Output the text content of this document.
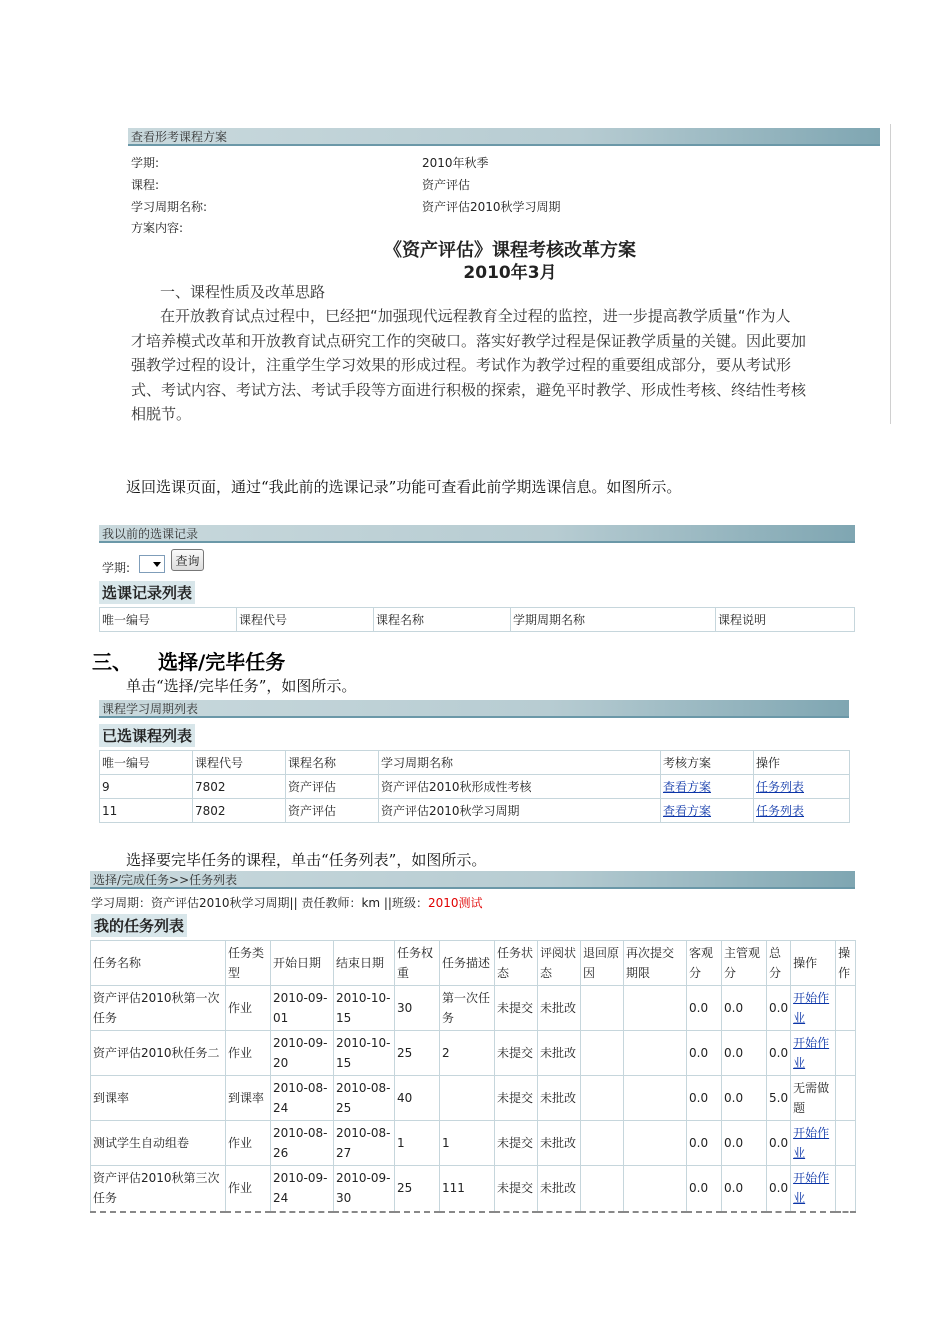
查看形考课程方案
学期:	2010年秋季
课程:	资产评估
学习周期名称:	资产评估2010秋学习周期
方案内容:
《资产评估》课程考核改革方案
2010年3月
一、课程性质及改革思路
在开放教育试点过程中，巳经把“加强现代远程教育全过程的监控，进一步提高教学质量“作为人
才培养模式改革和开放教育试点研究工作的突破口。落实好教学过程是保证教学质量的关键。因此要加
强教学过程的设计，注重学生学习效果的形成过程。考试作为教学过程的重要组成部分，要从考试形
式、考试内容、考试方法、考试手段等方面进行积极的探索，避免平时教学、形成性考核、终结性考核
相脱节。
返回选课页面，通过“我此前的选课记录”功能可查看此前学期选课信息。如图所示。
我以前的选课记录
学期:	查询
选课记录列表
唯一编号	课程代号	课程名称	学期周期名称	课程说明
三、 选择/完毕任务
单击“选择/完毕任务”，如图所示。
课程学习周期列表
已选课程列表
唯一编号	课程代号	课程名称	学习周期名称	考核方案	操作
9	7802	资产评估	资产评估2010秋形成性考核	查看方案	任务列表
11	7802	资产评估	资产评估2010秋学习周期	查看方案	任务列表
选择要完毕任务的课程，单击“任务列表”，如图所示。
选择/完成任务>>任务列表
学习周期：资产评估2010秋学习周期|| 责任教师：km ||班级：2010测试
我的任务列表
任务名称	任务类型	开始日期	结束日期	任务权重	任务描述	任务状态	评阅状态	退回原因	再次提交期限	客观分	主管观分	总分	操作	操作
资产评估2010秋第一次任务	作业	2010-09-01	2010-10-15	30	第一次任务	未提交	未批改			0.0	0.0	0.0	开始作业	
资产评估2010秋任务二	作业	2010-09-20	2010-10-15	25	2	未提交	未批改			0.0	0.0	0.0	开始作业	
到课率	到课率	2010-08-24	2010-08-25	40		未提交	未批改			0.0	0.0	5.0	无需做题	
测试学生自动组卷	作业	2010-08-26	2010-08-27	1	1	未提交	未批改			0.0	0.0	0.0	开始作业	
资产评估2010秋第三次任务	作业	2010-09-24	2010-09-30	25	111	未提交	未批改			0.0	0.0	0.0	开始作业	
